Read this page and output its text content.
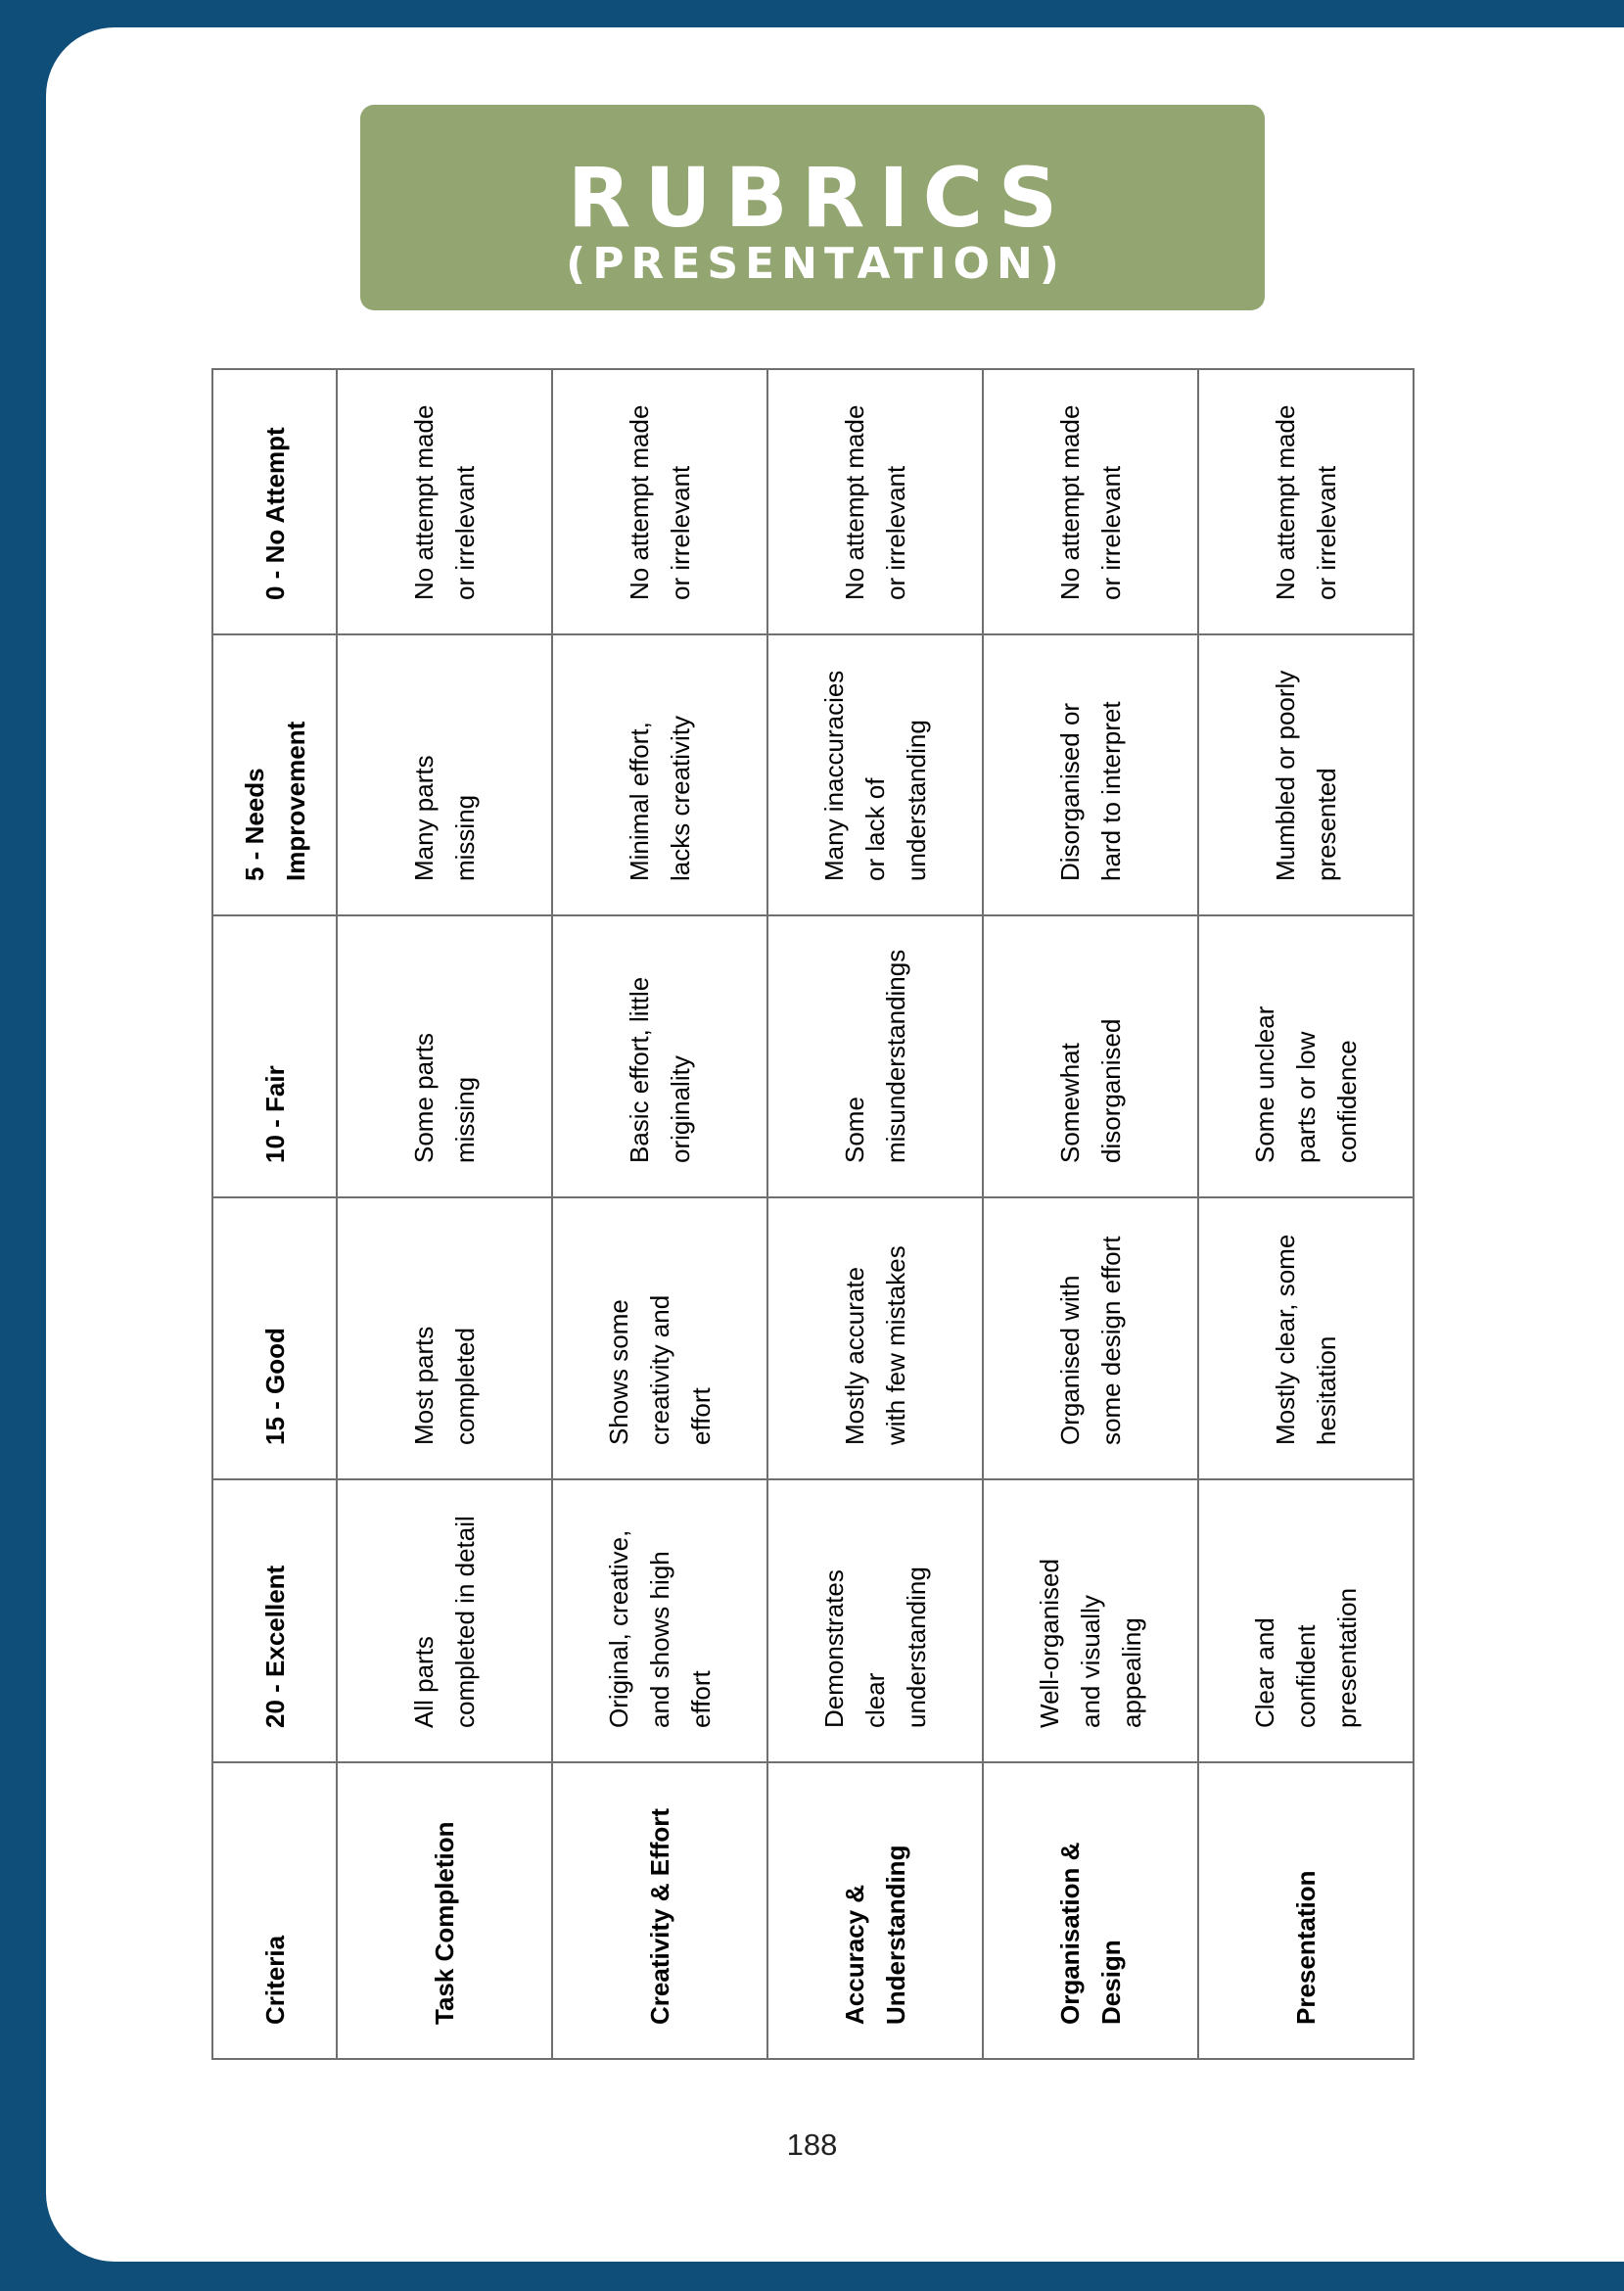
RUBRICS
(PRESENTATION)
Criteria	20 - Excellent	15 - Good	10 - Fair	5 - Needs Improvement	0 - No Attempt
Task Completion	All parts completed in detail	Most parts completed	Some parts missing	Many parts missing	No attempt made or irrelevant
Creativity & Effort	Original, creative, and shows high effort	Shows some creativity and effort	Basic effort, little originality	Minimal effort, lacks creativity	No attempt made or irrelevant
Accuracy & Understanding	Demonstrates clear understanding	Mostly accurate with few mistakes	Some misunderstandings	Many inaccuracies or lack of understanding	No attempt made or irrelevant
Organisation & Design	Well-organised and visually appealing	Organised with some design effort	Somewhat disorganised	Disorganised or hard to interpret	No attempt made or irrelevant
Presentation	Clear and confident presentation	Mostly clear, some hesitation	Some unclear parts or low confidence	Mumbled or poorly presented	No attempt made or irrelevant
188
